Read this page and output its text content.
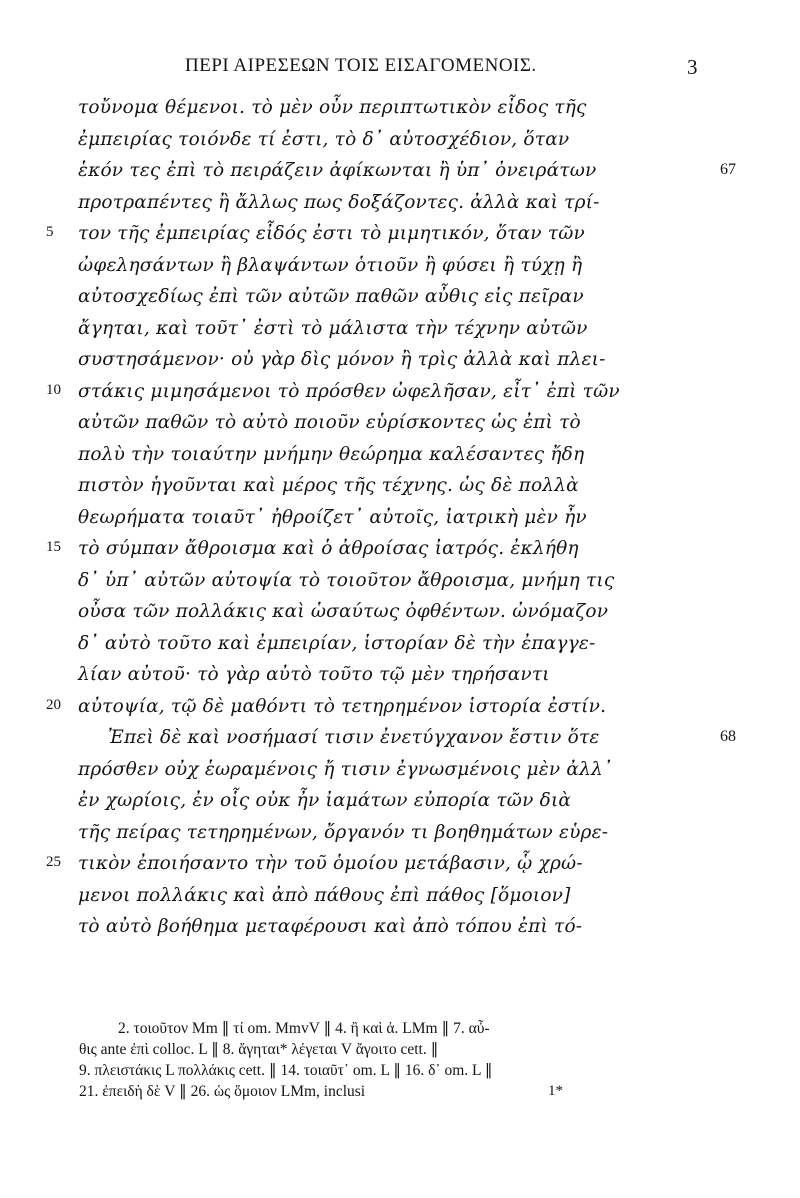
ΠΕΡΙ ΑΙΡΕΣΕΩΝ ΤΟΙΣ ΕΙΣΑΓΟΜΕΝΟΙΣ.	3
τοὔνομα θέμενοι. τὸ μὲν οὖν περιπτωτικὸν εἶδος τῆς
ἐμπειρίας τοιόνδε τί ἐστι, τὸ δ᾽ αὐτοσχέδιον, ὅταν
ἑκόν τες ἐπὶ τὸ πειράζειν ἀφίκωνται ἢ ὑπ᾽ ὀνειράτων	67
προτραπέντες ἢ ἄλλως πως δοξάζοντες. ἀλλὰ καὶ τρί-
5 τον τῆς ἐμπειρίας εἶδός ἐστι τὸ μιμητικόν, ὅταν τῶν
ὠφελησάντων ἢ βλαψάντων ὁτιοῦν ἢ φύσει ἢ τύχῃ ἢ
αὐτοσχεδίως ἐπὶ τῶν αὐτῶν παθῶν αὖθις εἰς πεῖραν
ἄγηται, καὶ τοῦτ᾽ ἐστὶ τὸ μάλιστα τὴν τέχνην αὐτῶν
συστησάμενον· οὐ γὰρ δὶς μόνον ἢ τρὶς ἀλλὰ καὶ πλει-
10 στάκις μιμησάμενοι τὸ πρόσθεν ὠφελῆσαν, εἶτ᾽ ἐπὶ τῶν
αὐτῶν παθῶν τὸ αὐτὸ ποιοῦν εὑρίσκοντες ὡς ἐπὶ τὸ
πολὺ τὴν τοιαύτην μνήμην θεώρημα καλέσαντες ἤδη
πιστὸν ἡγοῦνται καὶ μέρος τῆς τέχνης. ὡς δὲ πολλὰ
θεωρήματα τοιαῦτ᾽ ἠθροίζετ᾽ αὐτοῖς, ἰατρικὴ μὲν ἦν
15 τὸ σύμπαν ἄθροισμα καὶ ὁ ἀθροίσας ἰατρός. ἐκλήθη
δ᾽ ὑπ᾽ αὐτῶν αὐτοψία τὸ τοιοῦτον ἄθροισμα, μνήμη τις
οὖσα τῶν πολλάκις καὶ ὡσαύτως ὀφθέντων. ὠνόμαζον
δ᾽ αὐτὸ τοῦτο καὶ ἐμπειρίαν, ἱστορίαν δὲ τὴν ἐπαγγε-
λίαν αὐτοῦ· τὸ γὰρ αὐτὸ τοῦτο τῷ μὲν τηρήσαντι
20 αὐτοψία, τῷ δὲ μαθόντι τὸ τετηρημένον ἱστορία ἐστίν.
Ἐπεὶ δὲ καὶ νοσήμασί τισιν ἐνετύγχανον ἔστιν ὅτε	68
πρόσθεν οὐχ ἑωραμένοις ἤ τισιν ἐγνωσμένοις μὲν ἀλλ᾽
ἐν χωρίοις, ἐν οἷς οὐκ ἦν ἰαμάτων εὐπορία τῶν διὰ
τῆς πείρας τετηρημένων, ὄργανόν τι βοηθημάτων εὑρε-
25 τικὸν ἐποιήσαντο τὴν τοῦ ὁμοίου μετάβασιν, ᾧ χρώ-
μενοι πολλάκις καὶ ἀπὸ πάθους ἐπὶ πάθος [ὅμοιον]
τὸ αὐτὸ βοήθημα μεταφέρουσι καὶ ἀπὸ τόπου ἐπὶ τό-
2. τοιοῦτον Mm ∥ τί om. MmvV ∥ 4. ἢ καὶ ἀ. LMm ∥ 7. αὖ-
θις ante ἐπὶ colloc. L ∥ 8. ἄγηται* λέγεται V ἄγοιτο cett. ∥
9. πλειστάκις L πολλάκις cett. ∥ 14. τοιαῦτ᾽ om. L ∥ 16. δ᾽ om. L ∥
21. ἐπειδὴ δὲ V ∥ 26. ὡς ὅμοιον LMm, inclusi	1*
